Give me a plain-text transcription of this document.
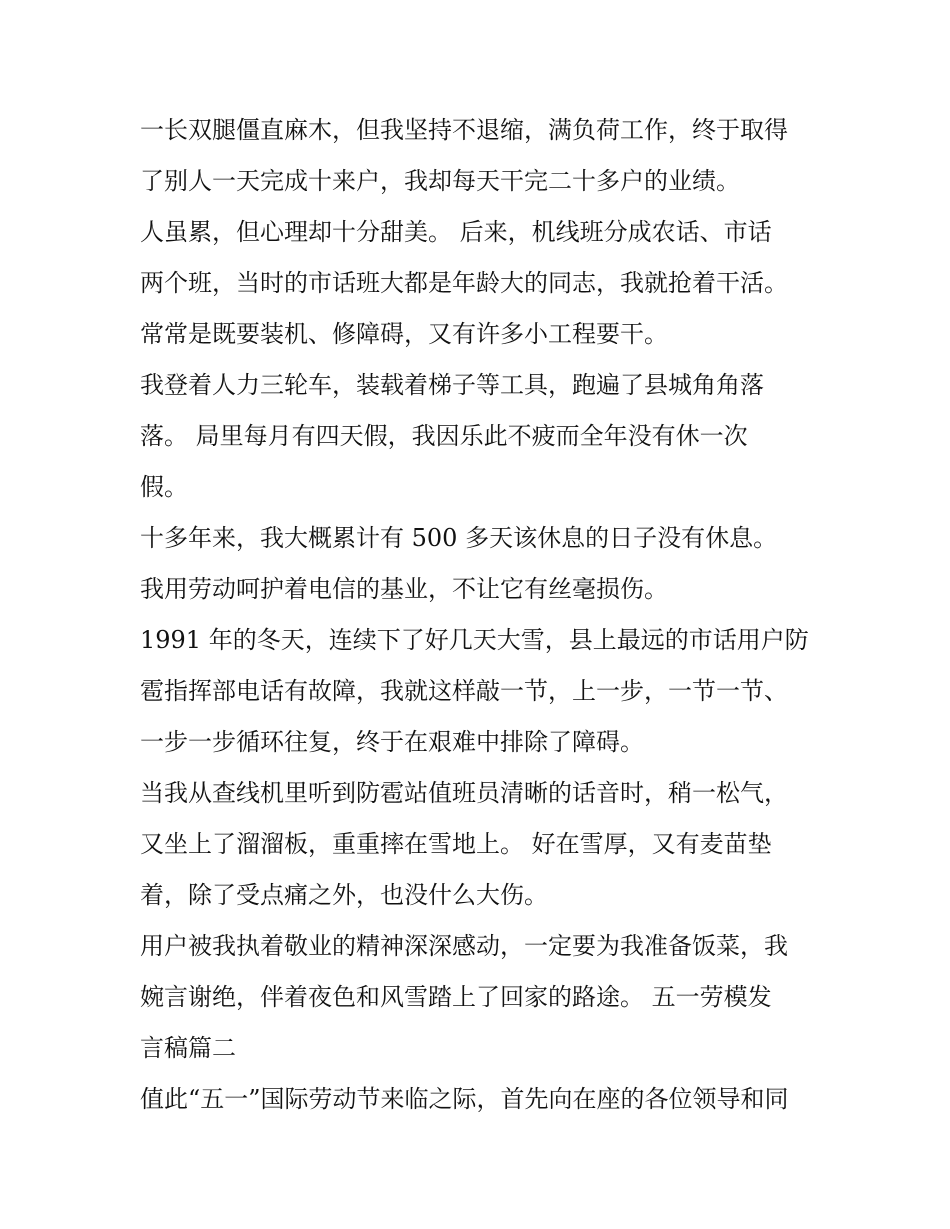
一长双腿僵直麻木，但我坚持不退缩，满负荷工作，终于取得
了别人一天完成十来户，我却每天干完二十多户的业绩。
人虽累，但心理却十分甜美。 后来，机线班分成农话、市话
两个班，当时的市话班大都是年龄大的同志，我就抢着干活。
常常是既要装机、修障碍，又有许多小工程要干。
我登着人力三轮车，装载着梯子等工具，跑遍了县城角角落
落。 局里每月有四天假，我因乐此不疲而全年没有休一次
假。
十多年来，我大概累计有 500 多天该休息的日子没有休息。
我用劳动呵护着电信的基业，不让它有丝毫损伤。
1991 年的冬天，连续下了好几天大雪，县上最远的市话用户防
雹指挥部电话有故障，我就这样敲一节，上一步，一节一节、
一步一步循环往复，终于在艰难中排除了障碍。
当我从查线机里听到防雹站值班员清晰的话音时，稍一松气，
又坐上了溜溜板，重重摔在雪地上。 好在雪厚，又有麦苗垫
着，除了受点痛之外，也没什么大伤。
用户被我执着敬业的精神深深感动，一定要为我准备饭菜，我
婉言谢绝，伴着夜色和风雪踏上了回家的路途。 五一劳模发
言稿篇二
值此“五一”国际劳动节来临之际，首先向在座的各位领导和同
